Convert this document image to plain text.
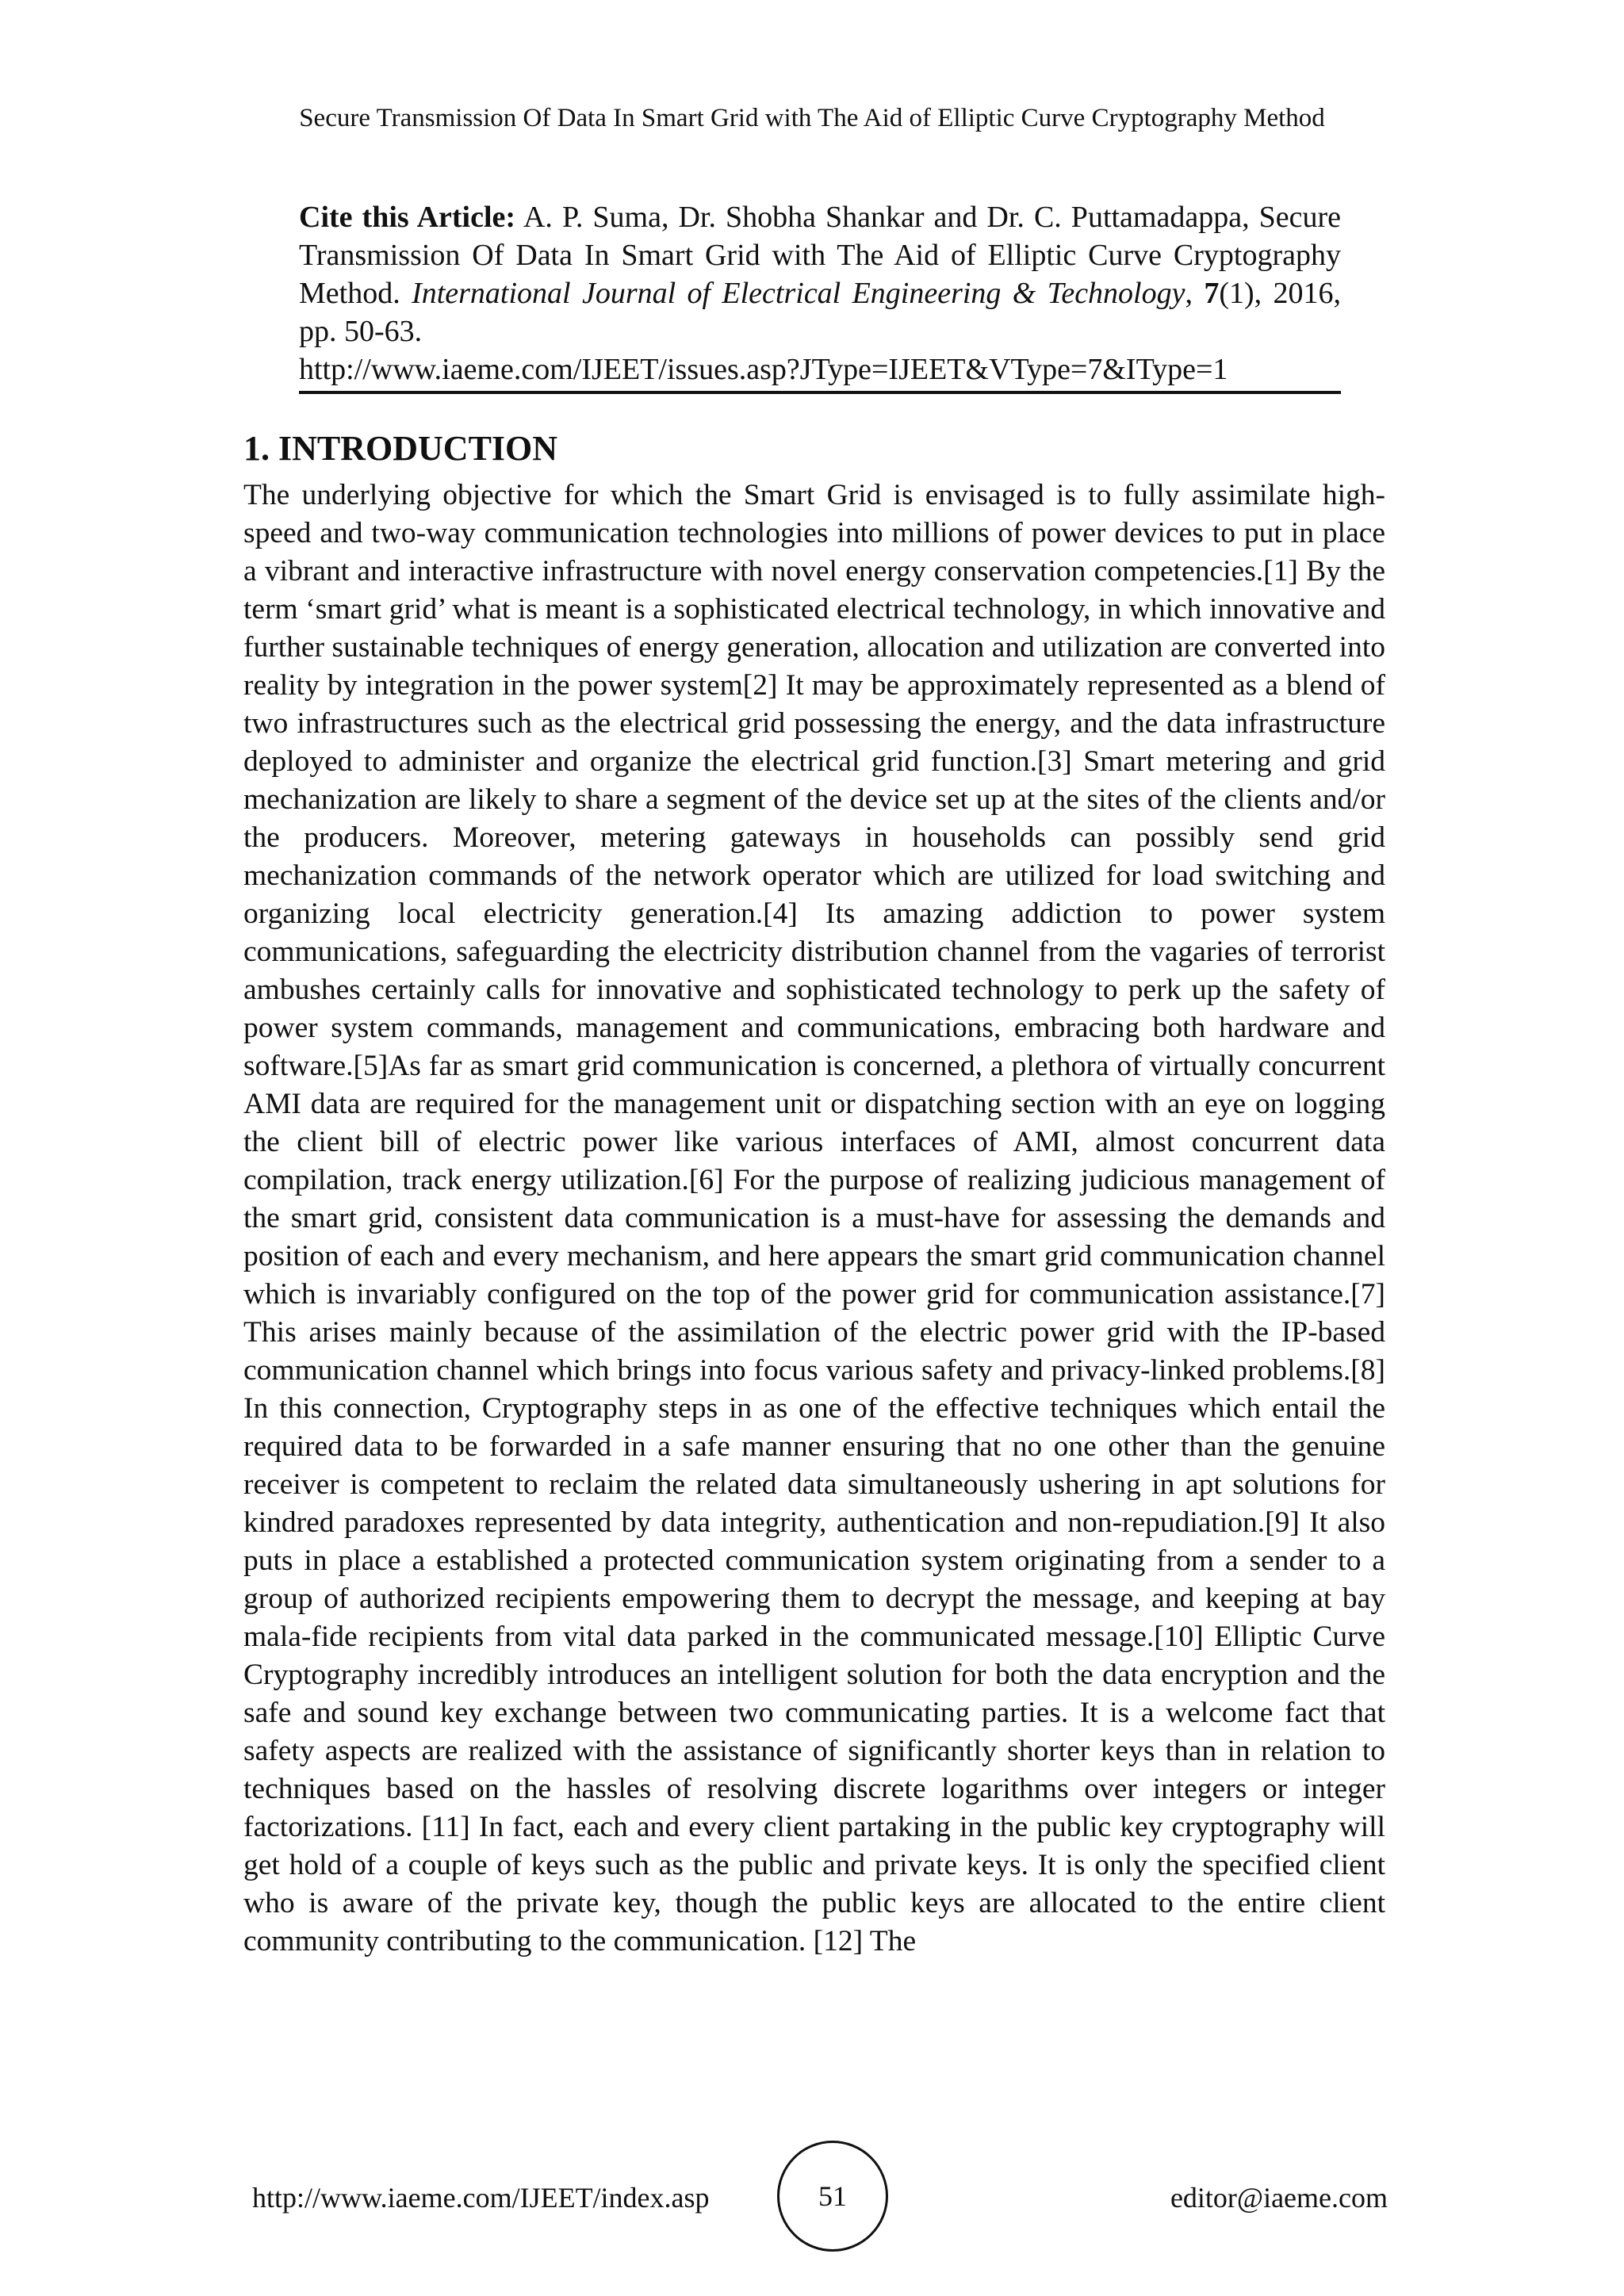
Secure Transmission Of Data In Smart Grid with The Aid of Elliptic Curve Cryptography Method
Cite this Article: A. P. Suma, Dr. Shobha Shankar and Dr. C. Puttamadappa, Secure Transmission Of Data In Smart Grid with The Aid of Elliptic Curve Cryptography Method. International Journal of Electrical Engineering & Technology, 7(1), 2016, pp. 50-63.
http://www.iaeme.com/IJEET/issues.asp?JType=IJEET&VType=7&IType=1
1. INTRODUCTION

The underlying objective for which the Smart Grid is envisaged is to fully assimilate high-speed and two-way communication technologies into millions of power devices to put in place a vibrant and interactive infrastructure with novel energy conservation competencies.[1] By the term ‘smart grid’ what is meant is a sophisticated electrical technology, in which innovative and further sustainable techniques of energy generation, allocation and utilization are converted into reality by integration in the power system[2] It may be approximately represented as a blend of two infrastructures such as the electrical grid possessing the energy, and the data infrastructure deployed to administer and organize the electrical grid function.[3] Smart metering and grid mechanization are likely to share a segment of the device set up at the sites of the clients and/or the producers. Moreover, metering gateways in households can possibly send grid mechanization commands of the network operator which are utilized for load switching and organizing local electricity generation.[4] Its amazing addiction to power system communications, safeguarding the electricity distribution channel from the vagaries of terrorist ambushes certainly calls for innovative and sophisticated technology to perk up the safety of power system commands, management and communications, embracing both hardware and software.[5]As far as smart grid communication is concerned, a plethora of virtually concurrent AMI data are required for the management unit or dispatching section with an eye on logging the client bill of electric power like various interfaces of AMI, almost concurrent data compilation, track energy utilization.[6] For the purpose of realizing judicious management of the smart grid, consistent data communication is a must-have for assessing the demands and position of each and every mechanism, and here appears the smart grid communication channel which is invariably configured on the top of the power grid for communication assistance.[7] This arises mainly because of the assimilation of the electric power grid with the IP-based communication channel which brings into focus various safety and privacy-linked problems.[8] In this connection, Cryptography steps in as one of the effective techniques which entail the required data to be forwarded in a safe manner ensuring that no one other than the genuine receiver is competent to reclaim the related data simultaneously ushering in apt solutions for kindred paradoxes represented by data integrity, authentication and non-repudiation.[9] It also puts in place a established a protected communication system originating from a sender to a group of authorized recipients empowering them to decrypt the message, and keeping at bay mala-fide recipients from vital data parked in the communicated message.[10] Elliptic Curve Cryptography incredibly introduces an intelligent solution for both the data encryption and the safe and sound key exchange between two communicating parties. It is a welcome fact that safety aspects are realized with the assistance of significantly shorter keys than in relation to techniques based on the hassles of resolving discrete logarithms over integers or integer factorizations. [11] In fact, each and every client partaking in the public key cryptography will get hold of a couple of keys such as the public and private keys. It is only the specified client who is aware of the private key, though the public keys are allocated to the entire client community contributing to the communication. [12] The

http://www.iaeme.com/IJEET/index.asp	51	editor@iaeme.com
